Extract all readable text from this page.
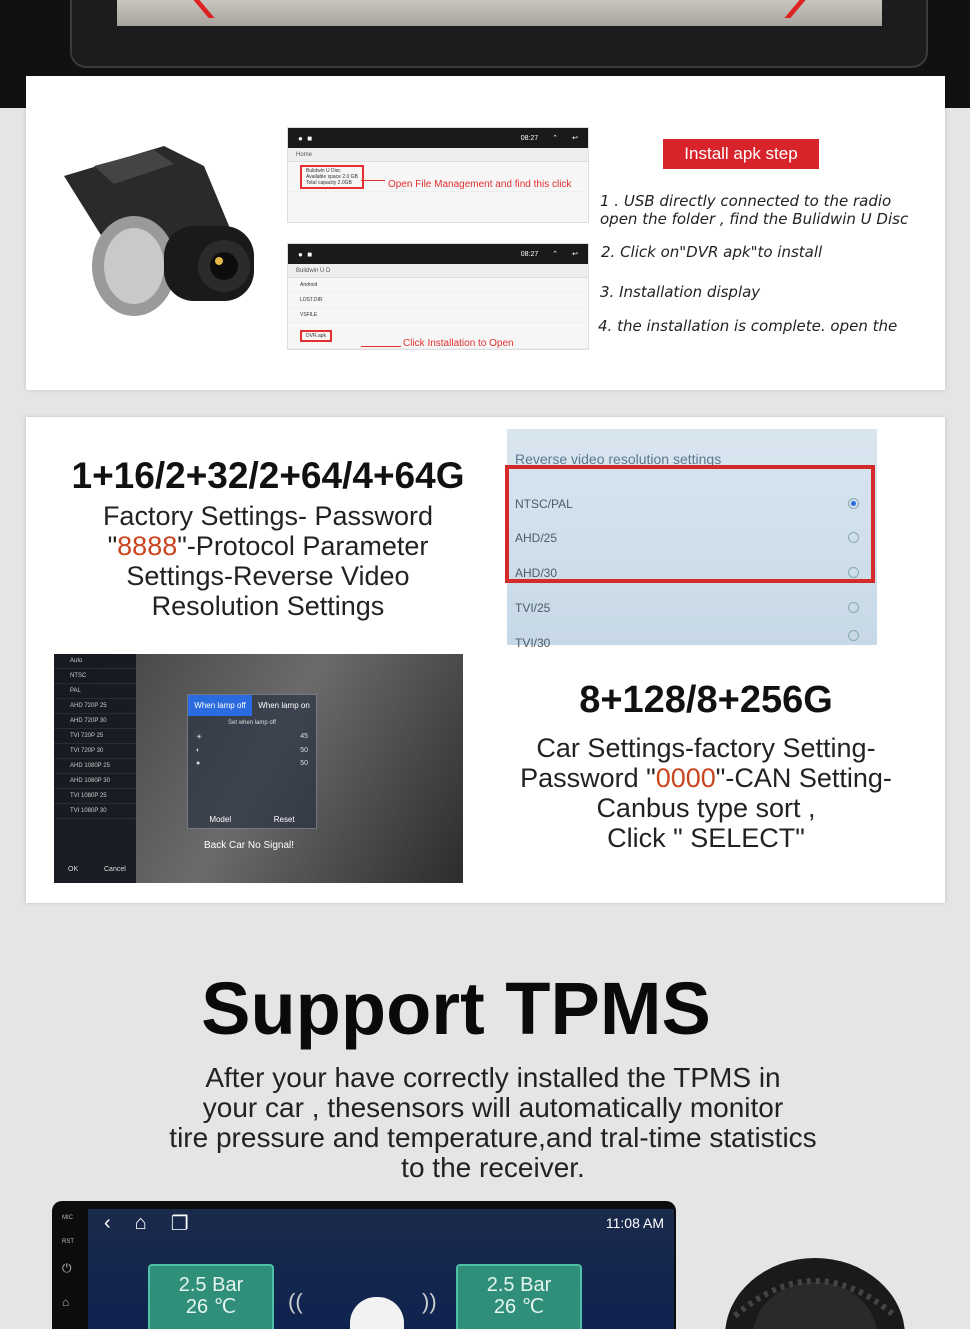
●  ■	08:27 ⌃ ↩
Home
Bulidwin U Disc
Available space 2.0 GB
Total capacity 2.0GB	Open File Management and find this click
●  ■	08:27 ⌃ ↩
Bulidwin U D
Android
LOST.DIR
VSFILE
DVR.apk
Click Installation to Open
Install apk step
1 . USB directly connected to the radio open the folder , find the Bulidwin U Disc
2. Click on"DVR apk"to install
3. Installation display
4. the installation is complete. open the
1+16/2+32/2+64/4+64G
Factory Settings- Password
"8888"-Protocol Parameter
Settings-Reverse Video
Resolution Settings
Reverse video resolution settings
NTSC/PAL
AHD/25
AHD/30
TVI/25
TVI/30
Auto
NTSC
PAL
AHD 720P 25
AHD 720P 30
TVI 720P 25
TVI 720P 30
AHD 1080P 25
AHD 1080P 30
TVI 1080P 25
TVI 1080P 30
OK	Cancel
When lamp off	When lamp on
Set when lamp off
☀	45
◐	50
●	50
Model	Reset
Back Car No Signal!
8+128/8+256G
Car Settings-factory Setting-
Password "0000"-CAN Setting-
Canbus type sort ,
Click " SELECT"
Support TPMS
After your have correctly installed the TPMS in
your car , thesensors will automatically monitor
tire pressure and temperature,and tral-time statistics
to the receiver.
MIC
RST
⏻
⌂
‹ ⌂ ❐	11:08 AM
2.5 Bar
26 ℃	((	))
2.5 Bar
26 ℃
